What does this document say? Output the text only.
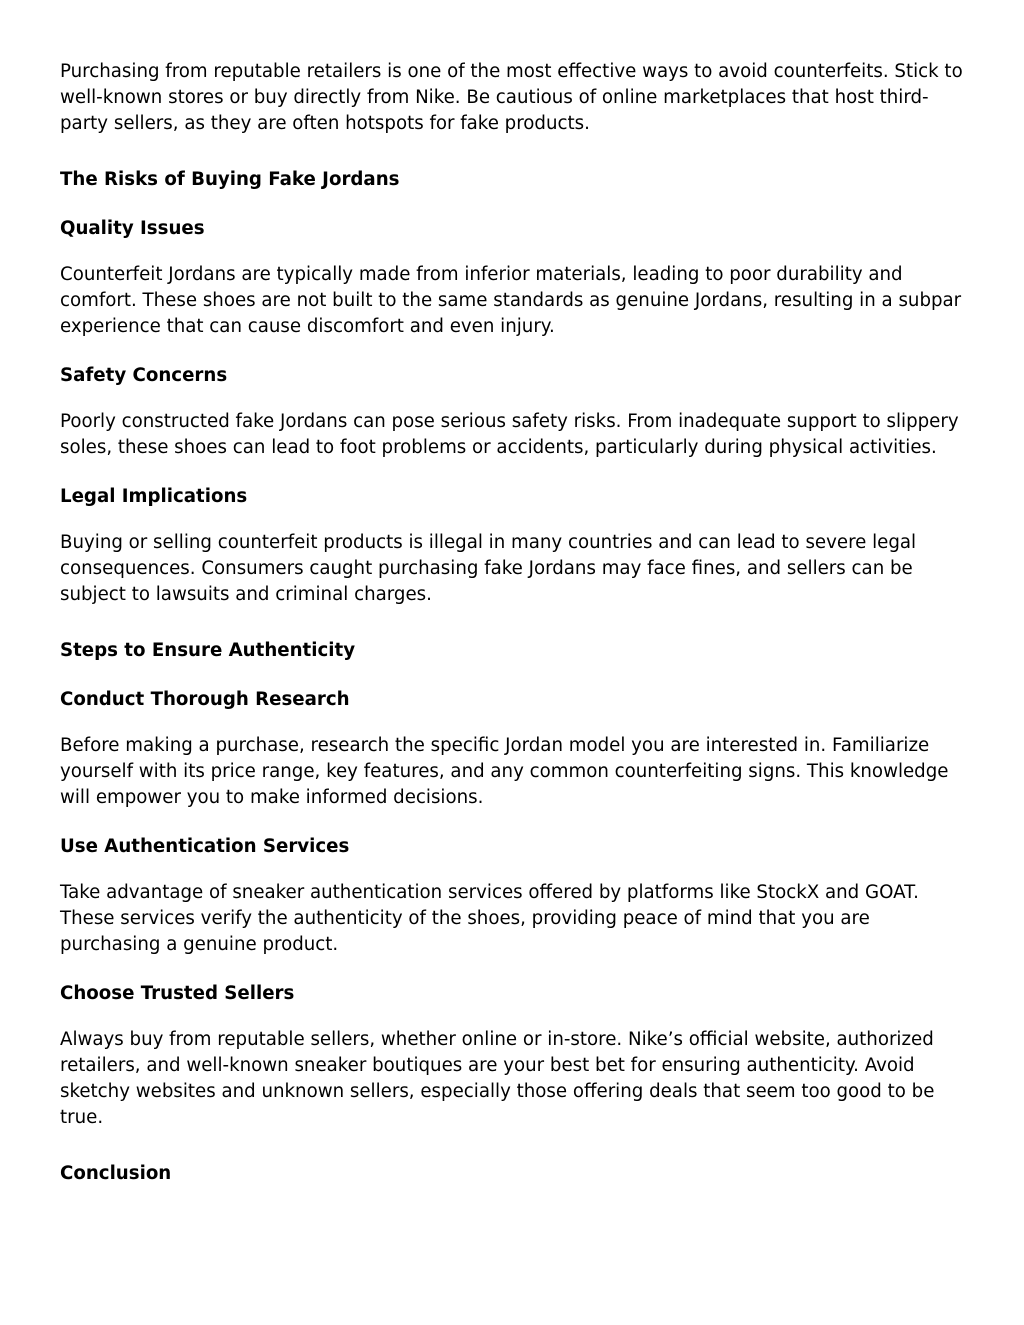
Purchasing from reputable retailers is one of the most effective ways to avoid counterfeits. Stick to well-known stores or buy directly from Nike. Be cautious of online marketplaces that host third-party sellers, as they are often hotspots for fake products.

The Risks of Buying Fake Jordans
Quality Issues

Counterfeit Jordans are typically made from inferior materials, leading to poor durability and comfort. These shoes are not built to the same standards as genuine Jordans, resulting in a subpar experience that can cause discomfort and even injury.

Safety Concerns

Poorly constructed fake Jordans can pose serious safety risks. From inadequate support to slippery soles, these shoes can lead to foot problems or accidents, particularly during physical activities.

Legal Implications

Buying or selling counterfeit products is illegal in many countries and can lead to severe legal consequences. Consumers caught purchasing fake Jordans may face fines, and sellers can be subject to lawsuits and criminal charges.

Steps to Ensure Authenticity
Conduct Thorough Research

Before making a purchase, research the specific Jordan model you are interested in. Familiarize yourself with its price range, key features, and any common counterfeiting signs. This knowledge will empower you to make informed decisions.

Use Authentication Services

Take advantage of sneaker authentication services offered by platforms like StockX and GOAT. These services verify the authenticity of the shoes, providing peace of mind that you are purchasing a genuine product.

Choose Trusted Sellers

Always buy from reputable sellers, whether online or in-store. Nike’s official website, authorized retailers, and well-known sneaker boutiques are your best bet for ensuring authenticity. Avoid sketchy websites and unknown sellers, especially those offering deals that seem too good to be true.

Conclusion
